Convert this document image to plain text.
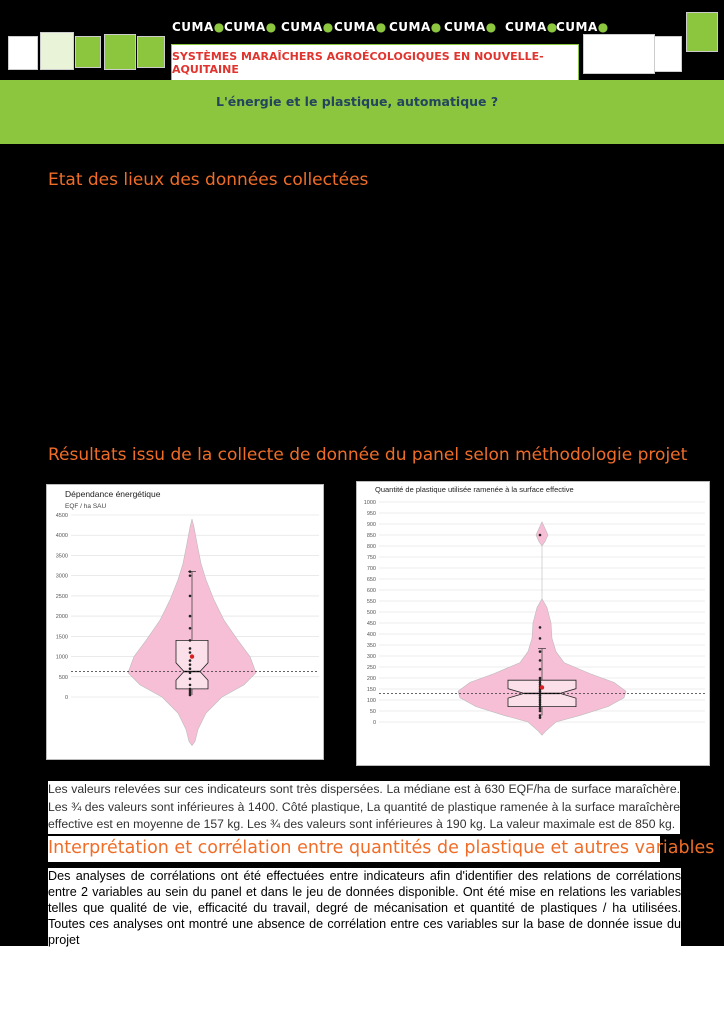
CUMA● CUMA● CUMA● CUMA● CUMA● CUMA● CUMA●
CUMA●
SYSTÈMES MARAÎCHERS AGROÉCOLOGIQUES EN NOUVELLE-AQUITAINE
L'énergie et le plastique, automatique ?
Etat des lieux des données collectées
Résultats issu de la collecte de donnée du panel selon méthodologie projet
Dépendance énergétique
EQF / ha SAU
0
500
1000
1500
2000
2500
3000
3500
4000
4500
Quantité de plastique utilisée ramenée à la surface effective
0
50
100
150
200
250
300
350
400
450
500
550
600
650
700
750
800
850
900
950
1000
Les valeurs relevées sur ces indicateurs sont très dispersées. La médiane est à 630 EQF/ha de surface maraîchère. Les ¾ des valeurs sont inférieures à 1400. Côté plastique, La quantité de plastique ramenée à la surface maraîchère effective est en moyenne de 157 kg. Les ¾ des valeurs sont inférieures à 190 kg. La valeur maximale est de 850 kg.
Interprétation et corrélation entre quantités de plastique et autres variables
Des analyses de corrélations ont été effectuées entre indicateurs afin d'identifier des relations de corrélations entre 2 variables au sein du panel et dans le jeu de données disponible. Ont été mise en relations les variables telles que qualité de vie, efficacité du travail, degré de mécanisation et quantité de plastiques / ha utilisées. Toutes ces analyses ont montré une absence de corrélation entre ces variables sur la base de donnée issue du projet
